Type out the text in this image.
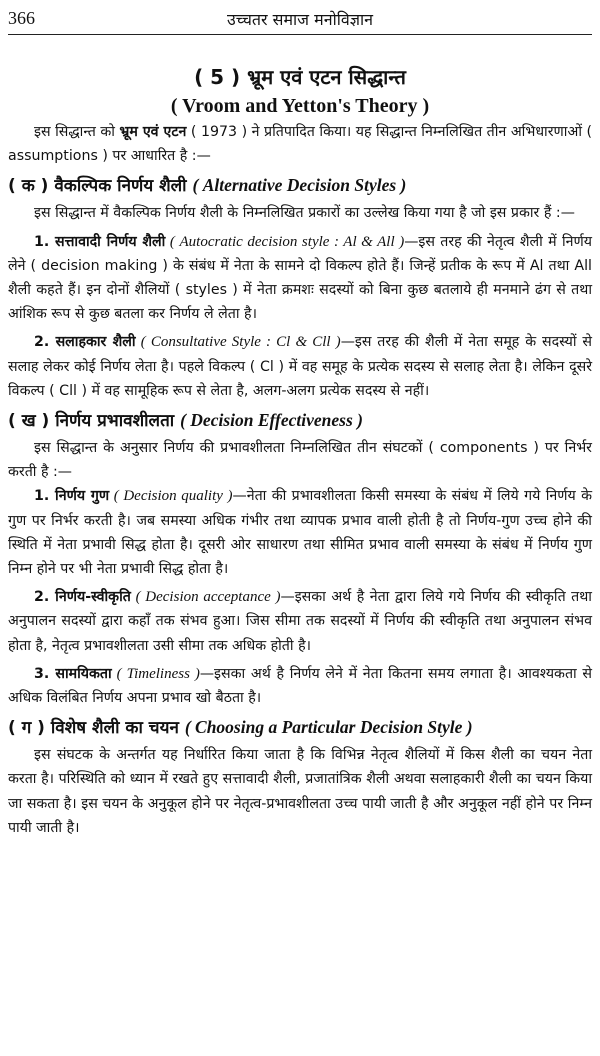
366	उच्चतर समाज मनोविज्ञान
( 5 ) भ्रूम एवं एटन सिद्धान्त
( Vroom and Yetton's Theory )

इस सिद्धान्त को भ्रूम एवं एटन ( 1973 ) ने प्रतिपादित किया। यह सिद्धान्त निम्नलिखित तीन अभिधारणाओं ( assumptions ) पर आधारित है :—

( क ) वैकल्पिक निर्णय शैली ( Alternative Decision Styles )

इस सिद्धान्त में वैकल्पिक निर्णय शैली के निम्नलिखित प्रकारों का उल्लेख किया गया है जो इस प्रकार हैं :—

1. सत्तावादी निर्णय शैली ( Autocratic decision style : Al & All )—इस तरह की नेतृत्व शैली में निर्णय लेने ( decision making ) के संबंध में नेता के सामने दो विकल्प होते हैं। जिन्हें प्रतीक के रूप में Al तथा All शैली कहते हैं। इन दोनों शैलियों ( styles ) में नेता क्रमशः सदस्यों को बिना कुछ बतलाये ही मनमाने ढंग से तथा आंशिक रूप से कुछ बतला कर निर्णय ले लेता है।

2. सलाहकार शैली ( Consultative Style : Cl & Cll )—इस तरह की शैली में नेता समूह के सदस्यों से सलाह लेकर कोई निर्णय लेता है। पहले विकल्प ( Cl ) में वह समूह के प्रत्येक सदस्य से सलाह लेता है। लेकिन दूसरे विकल्प ( Cll ) में वह सामूहिक रूप से लेता है, अलग-अलग प्रत्येक सदस्य से नहीं।

( ख ) निर्णय प्रभावशीलता ( Decision Effectiveness )

इस सिद्धान्त के अनुसार निर्णय की प्रभावशीलता निम्नलिखित तीन संघटकों ( components ) पर निर्भर करती है :—

1. निर्णय गुण ( Decision quality )—नेता की प्रभावशीलता किसी समस्या के संबंध में लिये गये निर्णय के गुण पर निर्भर करती है। जब समस्या अधिक गंभीर तथा व्यापक प्रभाव वाली होती है तो निर्णय-गुण उच्च होने की स्थिति में नेता प्रभावी सिद्ध होता है। दूसरी ओर साधारण तथा सीमित प्रभाव वाली समस्या के संबंध में निर्णय गुण निम्न होने पर भी नेता प्रभावी सिद्ध होता है।

2. निर्णय-स्वीकृति ( Decision acceptance )—इसका अर्थ है नेता द्वारा लिये गये निर्णय की स्वीकृति तथा अनुपालन सदस्यों द्वारा कहाँ तक संभव हुआ। जिस सीमा तक सदस्यों में निर्णय की स्वीकृति तथा अनुपालन संभव होता है, नेतृत्व प्रभावशीलता उसी सीमा तक अधिक होती है।

3. सामयिकता ( Timeliness )—इसका अर्थ है निर्णय लेने में नेता कितना समय लगाता है। आवश्यकता से अधिक विलंबित निर्णय अपना प्रभाव खो बैठता है।

( ग ) विशेष शैली का चयन ( Choosing a Particular Decision Style )

इस संघटक के अन्तर्गत यह निर्धारित किया जाता है कि विभिन्न नेतृत्व शैलियों में किस शैली का चयन नेता करता है। परिस्थिति को ध्यान में रखते हुए सत्तावादी शैली, प्रजातांत्रिक शैली अथवा सलाहकारी शैली का चयन किया जा सकता है। इस चयन के अनुकूल होने पर नेतृत्व-प्रभावशीलता उच्च पायी जाती है और अनुकूल नहीं होने पर निम्न पायी जाती है।
